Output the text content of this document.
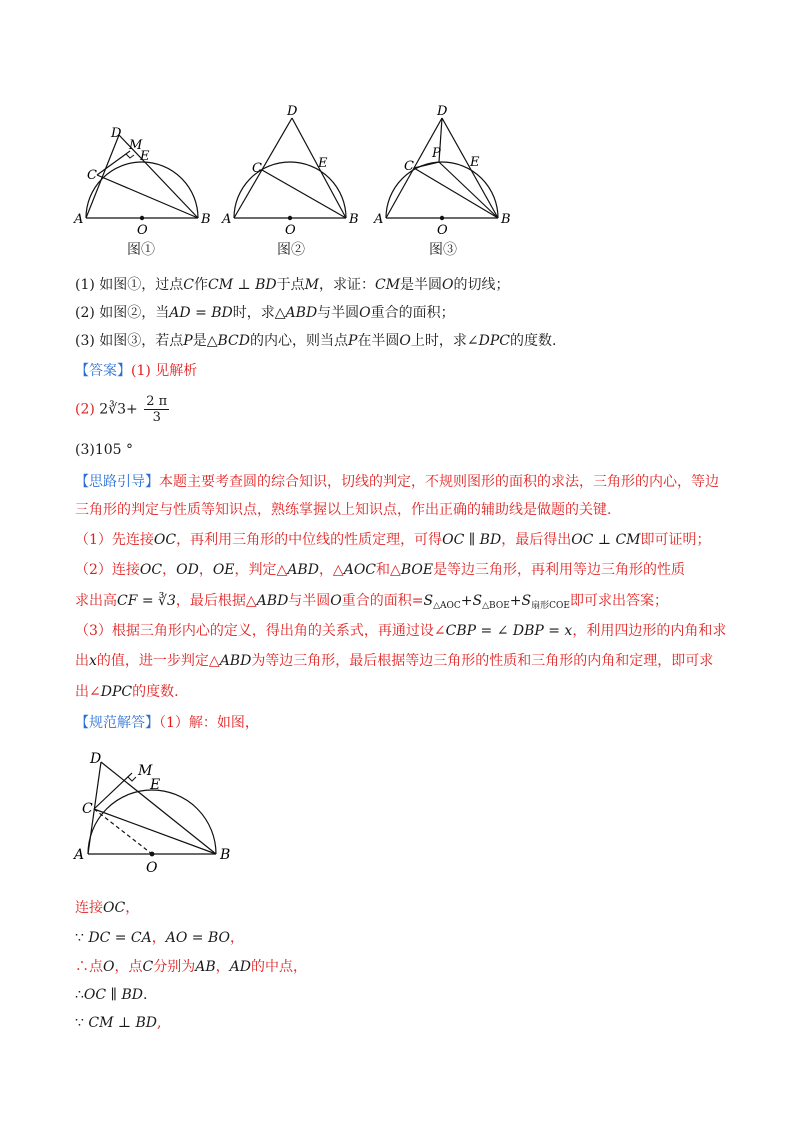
A	B
C
D
E
M
O
图①
A	B
C
D
E
O
图②
A	B
C
D
E
P
O
图③
(1) 如图①，过点C作CM ⊥ BD于点M，求证：CM是半圆O的切线；
(2) 如图②，当AD = BD时，求△ABD与半圆O重合的面积；
(3) 如图③，若点P是△BCD的内心，则当点P在半圆O上时，求∠DPC的度数.
【答案】(1) 见解析
(2) 2∛3+ $\frac{2 \pi}{3}$
(3)105 °
【思路引导】本题主要考查圆的综合知识，切线的判定，不规则图形的面积的求法，三角形的内心，等边
三角形的判定与性质等知识点，熟练掌握以上知识点，作出正确的辅助线是做题的关键.
（1）先连接OC，再利用三角形的中位线的性质定理，可得OC ∥ BD，最后得出OC ⊥ CM即可证明；
（2）连接OC，OD，OE，判定△ABD，△AOC和△BOE是等边三角形，再利用等边三角形的性质
求出高CF = ∛3，最后根据△ABD与半圆O重合的面积$=S_{\triangle AOC}+S_{\triangle BOE}+S_{扇形COE}$即可求出答案；
（3）根据三角形内心的定义，得出角的关系式，再通过设∠CBP = ∠ DBP = x，利用四边形的内角和求
出x的值，进一步判定△ABD为等边三角形，最后根据等边三角形的性质和三角形的内角和定理，即可求
出∠DPC的度数.
【规范解答】（1）解：如图，
A	B
C
D
E
M
O
连接OC，
∵ DC = CA，AO = BO，
∴点O，点C分别为AB，AD的中点，
∴OC ∥ BD.
∵ CM ⊥ BD,
